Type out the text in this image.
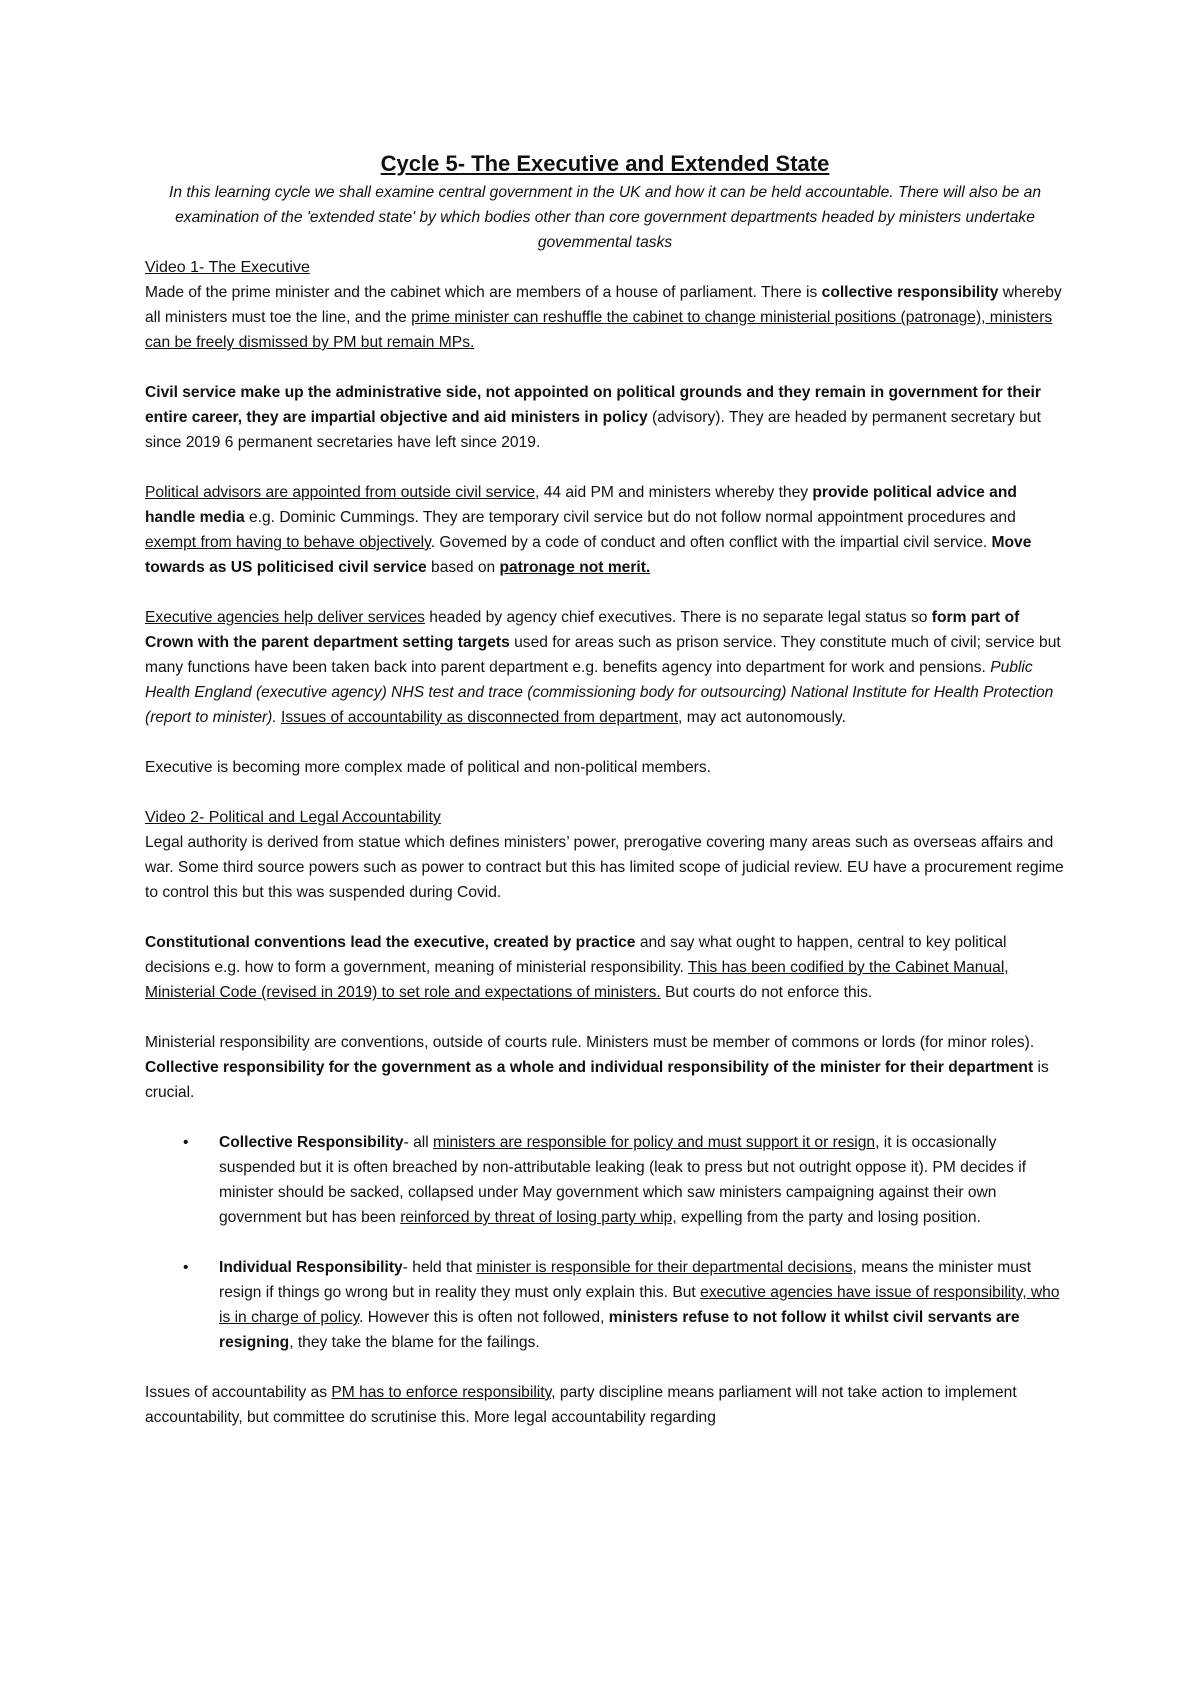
Cycle 5- The Executive and Extended State
In this learning cycle we shall examine central government in the UK and how it can be held accountable. There will also be an examination of the 'extended state' by which bodies other than core government departments headed by ministers undertake govemmental tasks
Video 1- The Executive

Made of the prime minister and the cabinet which are members of a house of parliament. There is collective responsibility whereby all ministers must toe the line, and the prime minister can reshuffle the cabinet to change ministerial positions (patronage), ministers can be freely dismissed by PM but remain MPs.

Civil service make up the administrative side, not appointed on political grounds and they remain in government for their entire career, they are impartial objective and aid ministers in policy (advisory). They are headed by permanent secretary but since 2019 6 permanent secretaries have left since 2019.

Political advisors are appointed from outside civil service, 44 aid PM and ministers whereby they provide political advice and handle media e.g. Dominic Cummings. They are temporary civil service but do not follow normal appointment procedures and exempt from having to behave objectively. Govemed by a code of conduct and often conflict with the impartial civil service. Move towards as US politicised civil service based on patronage not merit.

Executive agencies help deliver services headed by agency chief executives. There is no separate legal status so form part of Crown with the parent department setting targets used for areas such as prison service. They constitute much of civil; service but many functions have been taken back into parent department e.g. benefits agency into department for work and pensions. Public Health England (executive agency) NHS test and trace (commissioning body for outsourcing) National Institute for Health Protection (report to minister). Issues of accountability as disconnected from department, may act autonomously.

Executive is becoming more complex made of political and non-political members.

Video 2- Political and Legal Accountability

Legal authority is derived from statue which defines ministers’ power, prerogative covering many areas such as overseas affairs and war. Some third source powers such as power to contract but this has limited scope of judicial review. EU have a procurement regime to control this but this was suspended during Covid.

Constitutional conventions lead the executive, created by practice and say what ought to happen, central to key political decisions e.g. how to form a government, meaning of ministerial responsibility. This has been codified by the Cabinet Manual, Ministerial Code (revised in 2019) to set role and expectations of ministers. But courts do not enforce this.

Ministerial responsibility are conventions, outside of courts rule. Ministers must be member of commons or lords (for minor roles). Collective responsibility for the government as a whole and individual responsibility of the minister for their department is crucial.

• Collective Responsibility- all ministers are responsible for policy and must support it or resign, it is occasionally suspended but it is often breached by non-attributable leaking (leak to press but not outright oppose it). PM decides if minister should be sacked, collapsed under May government which saw ministers campaigning against their own government but has been reinforced by threat of losing party whip, expelling from the party and losing position.
• Individual Responsibility- held that minister is responsible for their departmental decisions, means the minister must resign if things go wrong but in reality they must only explain this. But executive agencies have issue of responsibility, who is in charge of policy. However this is often not followed, ministers refuse to not follow it whilst civil servants are resigning, they take the blame for the failings.

Issues of accountability as PM has to enforce responsibility, party discipline means parliament will not take action to implement accountability, but committee do scrutinise this. More legal accountability regarding
